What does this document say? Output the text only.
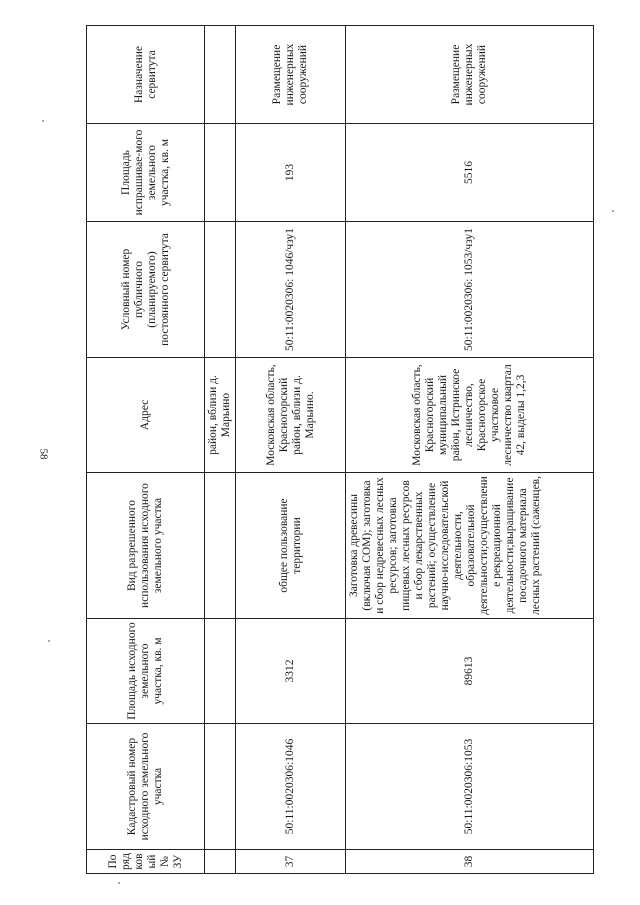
58
Порядковый № ЗУ	Кадастровый номер исходного земельного участка	Площадь исходного земельного участка, кв. м	Вид разрешенного использования исходного земельного участка	Адрес	Условный номер публичного (планируемого) постоянного сервитута	Площадь испрашивае-мого земельного участка, кв. м	Назначение сервитута
				район, вблизи д. Марьино			
37	50:11:0020306:1046	3312	общее пользование территории	Московская область, Красногорский район, вблизи д. Марьино.	50:11:0020306: 1046/чзу1	193	Размещение инженерных сооружений
38	50:11:0020306:1053	89613	Заготовка древесины (включая СОМ); заготовка и сбор недревесных лесных ресурсов; заготовка пищевых лесных ресурсов и сбор лекарственных растений; осуществление научно-исследовательской деятельности, образовательной деятельности;осуществление рекреационной деятельности;выращивание посадочного материала лесных растений (саженцев,	Московская область, Красногорский муниципальный район, Истринское лесничество, Красногорское участковое лесничество квартал 42, выделы 1,2,3	50:11:0020306: 1053/чзу1	5516	Размещение инженерных сооружений
